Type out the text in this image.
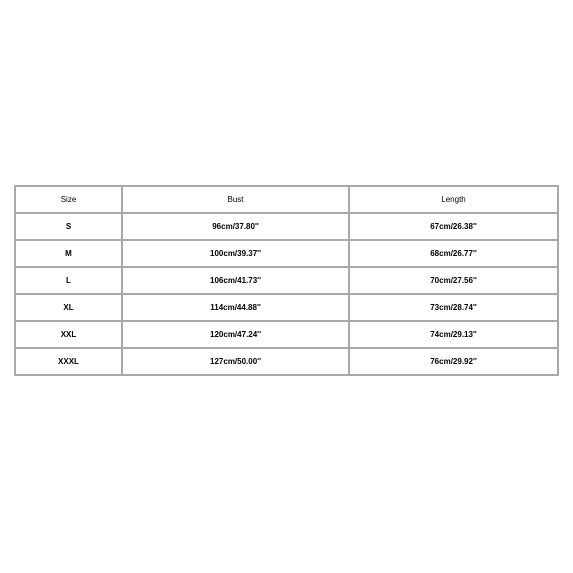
Size	Bust	Length
S	96cm/37.80''	67cm/26.38''
M	100cm/39.37''	68cm/26.77''
L	106cm/41.73''	70cm/27.56''
XL	114cm/44.88''	73cm/28.74''
XXL	120cm/47.24''	74cm/29.13''
XXXL	127cm/50.00''	76cm/29.92''
